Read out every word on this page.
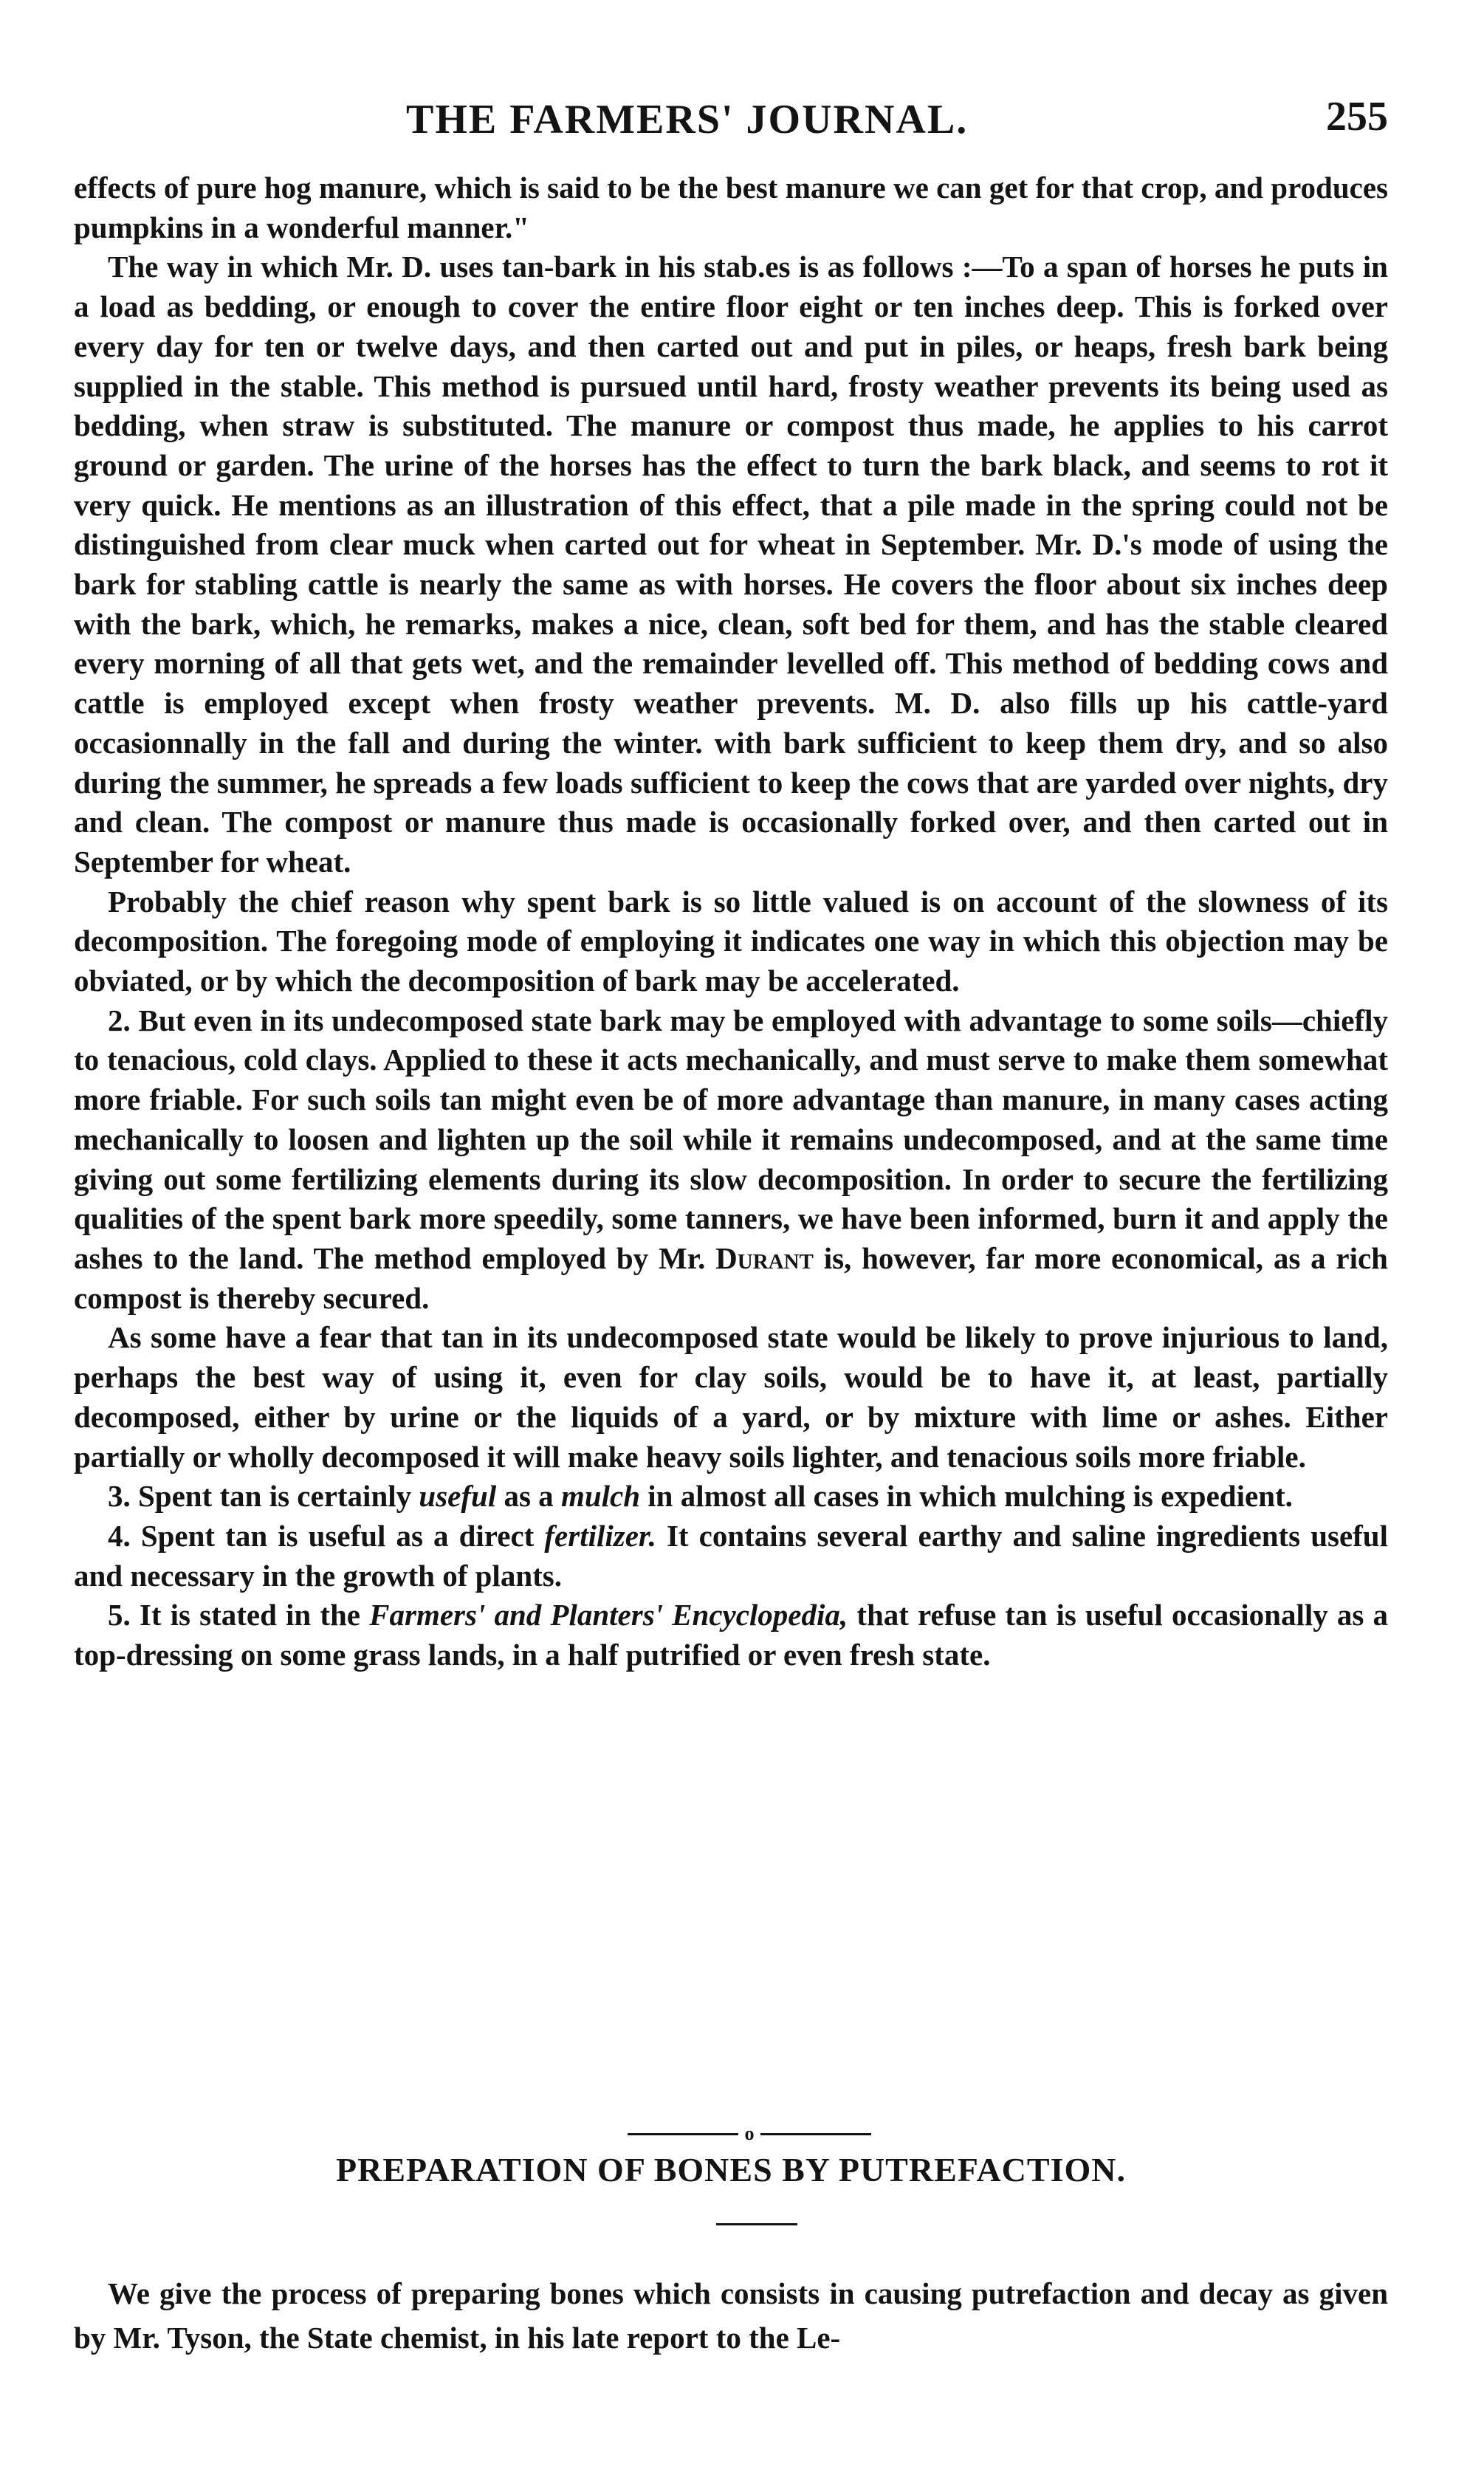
THE FARMERS' JOURNAL.	255

effects of pure hog manure, which is said to be the best manure we can get for that crop, and produces pumpkins in a wonderful manner."

The way in which Mr. D. uses tan-bark in his stab.es is as follows :—To a span of horses he puts in a load as bedding, or enough to cover the entire floor eight or ten inches deep. This is forked over every day for ten or twelve days, and then carted out and put in piles, or heaps, fresh bark being supplied in the stable. This method is pursued until hard, frosty weather prevents its being used as bedding, when straw is substituted. The manure or compost thus made, he applies to his carrot ground or garden. The urine of the horses has the effect to turn the bark black, and seems to rot it very quick. He mentions as an illustration of this effect, that a pile made in the spring could not be distinguished from clear muck when carted out for wheat in September. Mr. D.'s mode of using the bark for stabling cattle is nearly the same as with horses. He covers the floor about six inches deep with the bark, which, he remarks, makes a nice, clean, soft bed for them, and has the stable cleared every morning of all that gets wet, and the remainder levelled off. This method of bedding cows and cattle is employed except when frosty weather prevents. M. D. also fills up his cattle-yard occasionnally in the fall and during the winter. with bark sufficient to keep them dry, and so also during the summer, he spreads a few loads sufficient to keep the cows that are yarded over nights, dry and clean. The compost or manure thus made is occasionally forked over, and then carted out in September for wheat.

Probably the chief reason why spent bark is so little valued is on account of the slowness of its decomposition. The foregoing mode of employing it indicates one way in which this objection may be obviated, or by which the decomposition of bark may be accelerated.

2. But even in its undecomposed state bark may be employed with advantage to some soils—chiefly to tenacious, cold clays. Applied to these it acts mechanically, and must serve to make them somewhat more friable. For such soils tan might even be of more advantage than manure, in many cases acting mechanically to loosen and lighten up the soil while it remains undecomposed, and at the same time giving out some fertilizing elements during its slow decomposition. In order to secure the fertilizing qualities of the spent bark more speedily, some tanners, we have been informed, burn it and apply the ashes to the land. The method employed by Mr. Durant is, however, far more economical, as a rich compost is thereby secured.

As some have a fear that tan in its undecomposed state would be likely to prove injurious to land, perhaps the best way of using it, even for clay soils, would be to have it, at least, partially decomposed, either by urine or the liquids of a yard, or by mixture with lime or ashes. Either partially or wholly decomposed it will make heavy soils lighter, and tenacious soils more friable.

3. Spent tan is certainly useful as a mulch in almost all cases in which mulching is expedient.

4. Spent tan is useful as a direct fertilizer. It contains several earthy and saline ingredients useful and necessary in the growth of plants.

5. It is stated in the Farmers' and Planters' Encyclopedia, that refuse tan is useful occasionally as a top-dressing on some grass lands, in a half putrified or even fresh state.

o
PREPARATION OF BONES BY PUTREFACTION.

We give the process of preparing bones which consists in causing putrefaction and decay as given by Mr. Tyson, the State chemist, in his late report to the Le-
